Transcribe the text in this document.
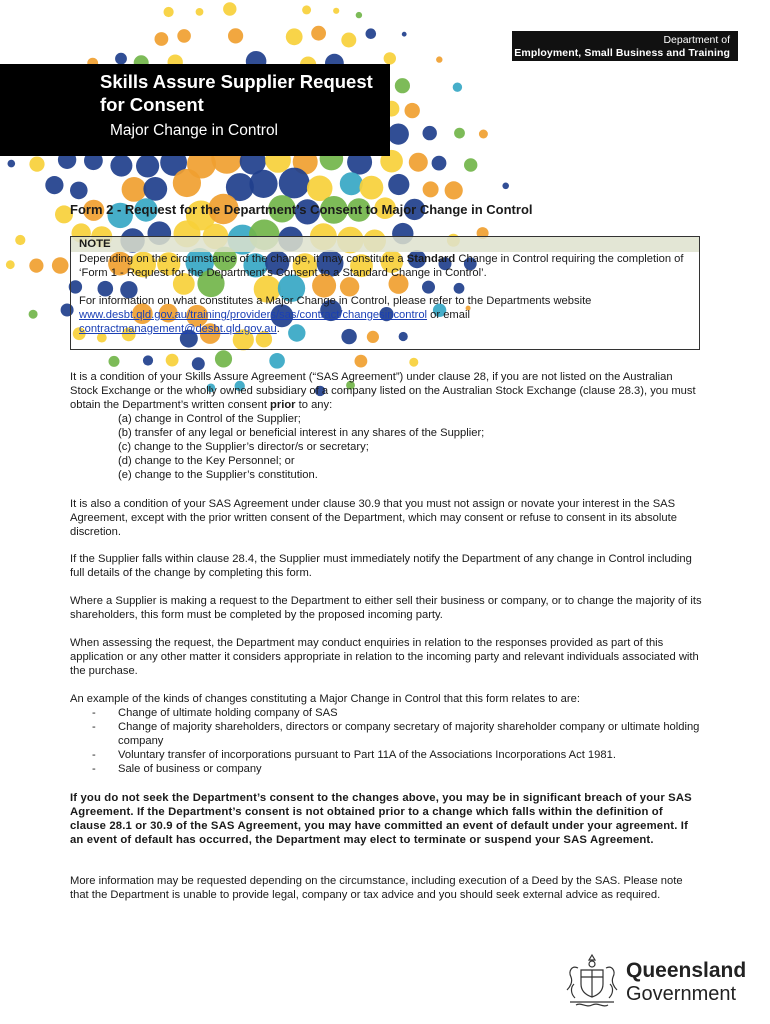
Department of
Employment, Small Business and Training
Skills Assure Supplier Request for Consent
Major Change in Control
Form 2 - Request for the Department’s Consent to Major Change in Control
NOTE

Depending on the circumstance of the change, it may constitute a Standard Change in Control requiring the completion of ‘Form 1 - Request for the Department’s Consent to a Standard Change in Control’.

For information on what constitutes a Major Change in Control, please refer to the Departments website
www.desbt.qld.gov.au/training/providers/sas/contract/changesincontrol or email
contractmanagement@desbt.qld.gov.au.

It is a condition of your Skills Assure Agreement (“SAS Agreement”) under clause 28, if you are not listed on the Australian Stock Exchange or the wholly owned subsidiary of a company listed on the Australian Stock Exchange (clause 28.3), you must obtain the Department’s written consent prior to any:

(a) change in Control of the Supplier;
(b) transfer of any legal or beneficial interest in any shares of the Supplier;
(c) change to the Supplier’s director/s or secretary;
(d) change to the Key Personnel; or
(e) change to the Supplier’s constitution.
It is also a condition of your SAS Agreement under clause 30.9 that you must not assign or novate your interest in the SAS Agreement, except with the prior written consent of the Department, which may consent or refuse to consent in its absolute discretion.
If the Supplier falls within clause 28.4, the Supplier must immediately notify the Department of any change in Control including full details of the change by completing this form.
Where a Supplier is making a request to the Department to either sell their business or company, or to change the majority of its shareholders, this form must be completed by the proposed incoming party.
When assessing the request, the Department may conduct enquiries in relation to the responses provided as part of this application or any other matter it considers appropriate in relation to the incoming party and relevant individuals associated with the purchase.

An example of the kinds of changes constituting a Major Change in Control that this form relates to are:

- Change of ultimate holding company of SAS
- Change of majority shareholders, directors or company secretary of majority shareholder company or ultimate holding company
- Voluntary transfer of incorporations pursuant to Part 11A of the Associations Incorporations Act 1981.
- Sale of business or company
If you do not seek the Department’s consent to the changes above, you may be in significant breach of your SAS Agreement. If the Department’s consent is not obtained prior to a change which falls within the definition of clause 28.1 or 30.9 of the SAS Agreement, you may have committed an event of default under your agreement. If an event of default has occurred, the Department may elect to terminate or suspend your SAS Agreement.
More information may be requested depending on the circumstance, including execution of a Deed by the SAS. Please note that the Department is unable to provide legal, company or tax advice and you should seek external advice as required.
Queensland
Government
